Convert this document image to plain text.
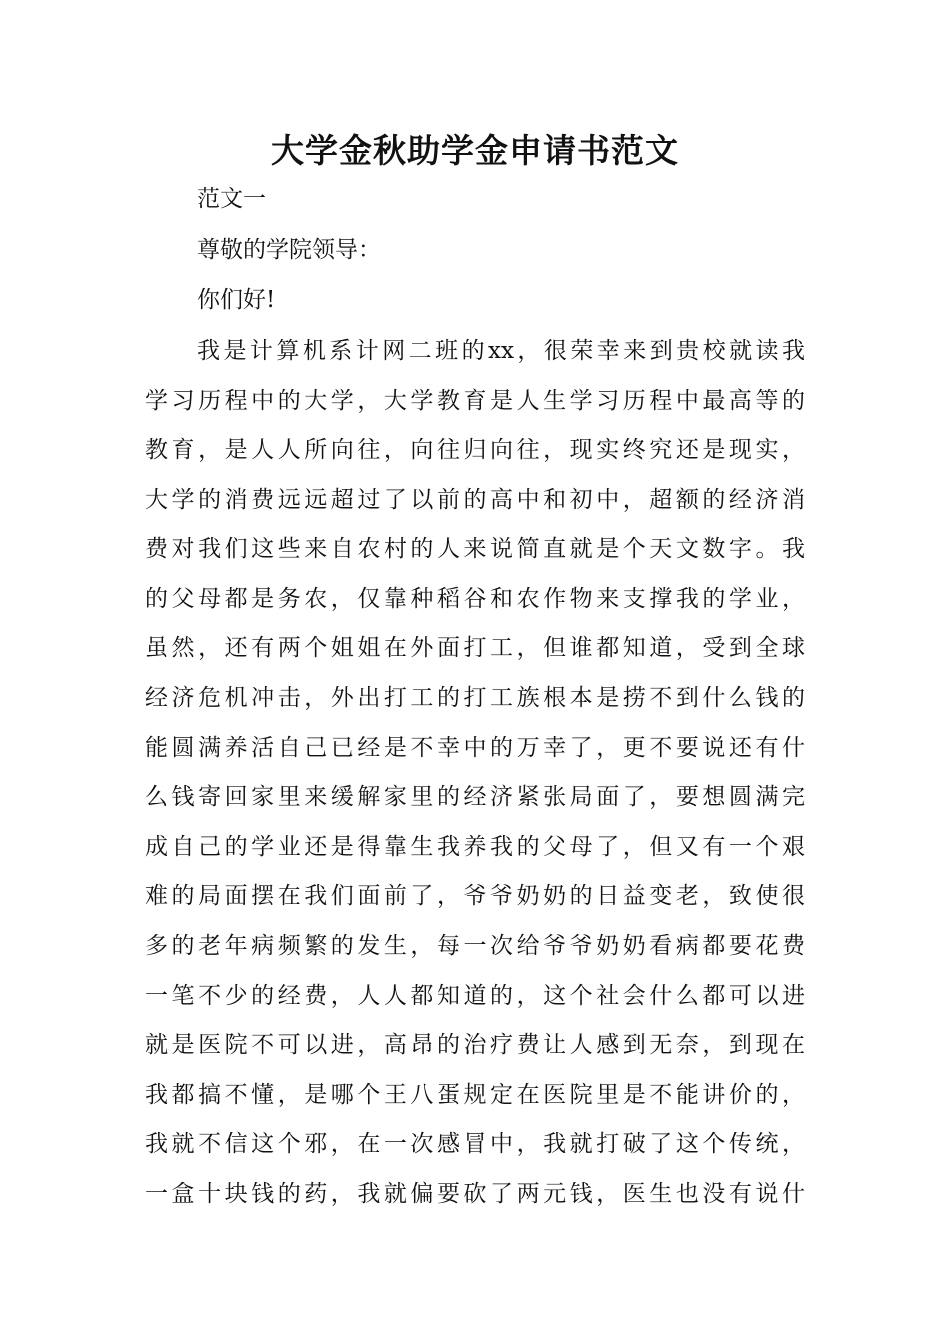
大学金秋助学金申请书范文

范文一

尊敬的学院领导：

你们好!

我是计算机系计网二班的xx，很荣幸来到贵校就读我

学习历程中的大学，大学教育是人生学习历程中最高等的

教育，是人人所向往，向往归向往，现实终究还是现实，

大学的消费远远超过了以前的高中和初中，超额的经济消

费对我们这些来自农村的人来说简直就是个天文数字。我

的父母都是务农，仅靠种稻谷和农作物来支撑我的学业，

虽然，还有两个姐姐在外面打工，但谁都知道，受到全球

经济危机冲击，外出打工的打工族根本是捞不到什么钱的

能圆满养活自己已经是不幸中的万幸了，更不要说还有什

么钱寄回家里来缓解家里的经济紧张局面了，要想圆满完

成自己的学业还是得靠生我养我的父母了，但又有一个艰

难的局面摆在我们面前了，爷爷奶奶的日益变老，致使很

多的老年病频繁的发生，每一次给爷爷奶奶看病都要花费

一笔不少的经费，人人都知道的，这个社会什么都可以进

就是医院不可以进，高昂的治疗费让人感到无奈，到现在

我都搞不懂，是哪个王八蛋规定在医院里是不能讲价的，

我就不信这个邪，在一次感冒中，我就打破了这个传统，

一盒十块钱的药，我就偏要砍了两元钱，医生也没有说什
